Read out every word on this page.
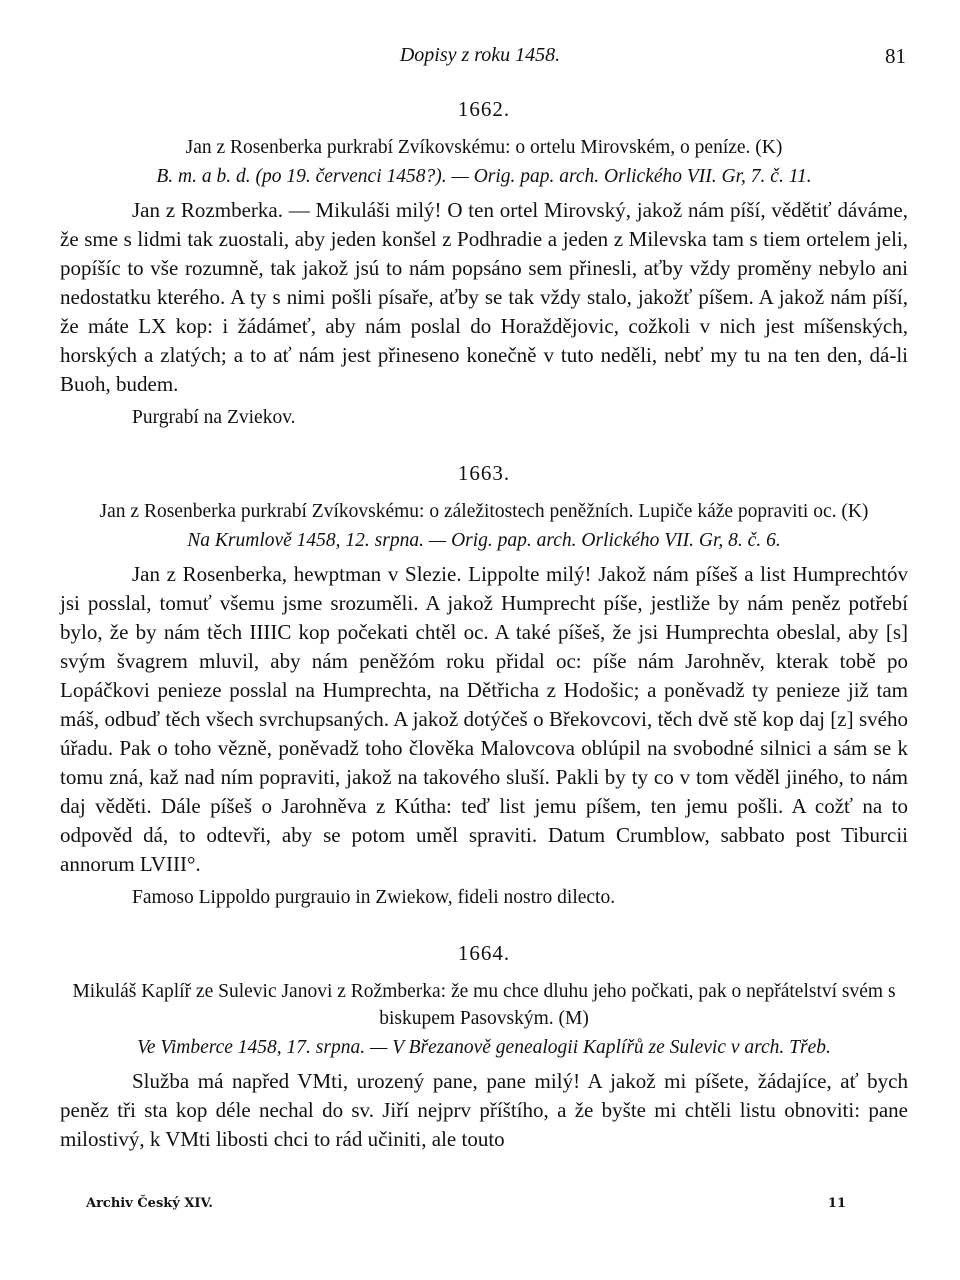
Dopisy z roku 1458.	81
1662.

Jan z Rosenberka purkrabí Zvíkovskému: o ortelu Mirovském, o peníze. (K)

B. m. a b. d. (po 19. červenci 1458?). — Orig. pap. arch. Orlického VII. Gr, 7. č. 11.

Jan z Rozmberka. — Mikuláši milý! O ten ortel Mirovský, jakož nám píší, vědětiť dáváme, že sme s lidmi tak zuostali, aby jeden konšel z Podhradie a jeden z Milevska tam s tiem ortelem jeli, popíšíc to vše rozumně, tak jakož jsú to nám popsáno sem přinesli, aťby vždy proměny nebylo ani nedostatku kterého. A ty s nimi pošli písaře, aťby se tak vždy stalo, jakožť píšem. A jakož nám píší, že máte LX kop: i žádámeť, aby nám poslal do Horaždějovic, cožkoli v nich jest míšenských, horských a zlatých; a to ať nám jest přineseno konečně v tuto neděli, nebť my tu na ten den, dá-li Buoh, budem.

Purgrabí na Zviekov.

1663.

Jan z Rosenberka purkrabí Zvíkovskému: o záležitostech peněžních. Lupiče káže popraviti oc. (K)

Na Krumlově 1458, 12. srpna. — Orig. pap. arch. Orlického VII. Gr, 8. č. 6.

Jan z Rosenberka, hewptman v Slezie. Lippolte milý! Jakož nám píšeš a list Humprechtóv jsi posslal, tomuť všemu jsme srozuměli. A jakož Humprecht píše, jestliže by nám peněz potřebí bylo, že by nám těch IIIIC kop počekati chtěl oc. A také píšeš, že jsi Humprechta obeslal, aby [s] svým švagrem mluvil, aby nám peněžóm roku přidal oc: píše nám Jarohněv, kterak tobě po Lopáčkovi penieze posslal na Humprechta, na Dětřicha z Hodošic; a poněvadž ty penieze již tam máš, odbuď těch všech svrchupsaných. A jakož dotýčeš o Břekovcovi, těch dvě stě kop daj [z] svého úřadu. Pak o toho vězně, poněvadž toho člověka Malovcova oblúpil na svobodné silnici a sám se k tomu zná, kaž nad ním popraviti, jakož na takového sluší. Pakli by ty co v tom věděl jiného, to nám daj věděti. Dále píšeš o Jarohněva z Kútha: teď list jemu píšem, ten jemu pošli. A cožť na to odpověd dá, to odtevři, aby se potom uměl spraviti. Datum Crumblow, sabbato post Tiburcii annorum LVIII°.

Famoso Lippoldo purgrauio in Zwiekow, fideli nostro dilecto.

1664.

Mikuláš Kaplíř ze Sulevic Janovi z Rožmberka: že mu chce dluhu jeho počkati, pak o nepřátelství svém s biskupem Pasovským. (M)

Ve Vimberce 1458, 17. srpna. — V Březanově genealogii Kaplířů ze Sulevic v arch. Třeb.

Služba má napřed VMti, urozený pane, pane milý! A jakož mi píšete, žádajíce, ať bych peněz tři sta kop déle nechal do sv. Jiří nejprv příštího, a že byšte mi chtěli listu obnoviti: pane milostivý, k VMti libosti chci to rád učiniti, ale touto

Archiv Český XIV.	11
